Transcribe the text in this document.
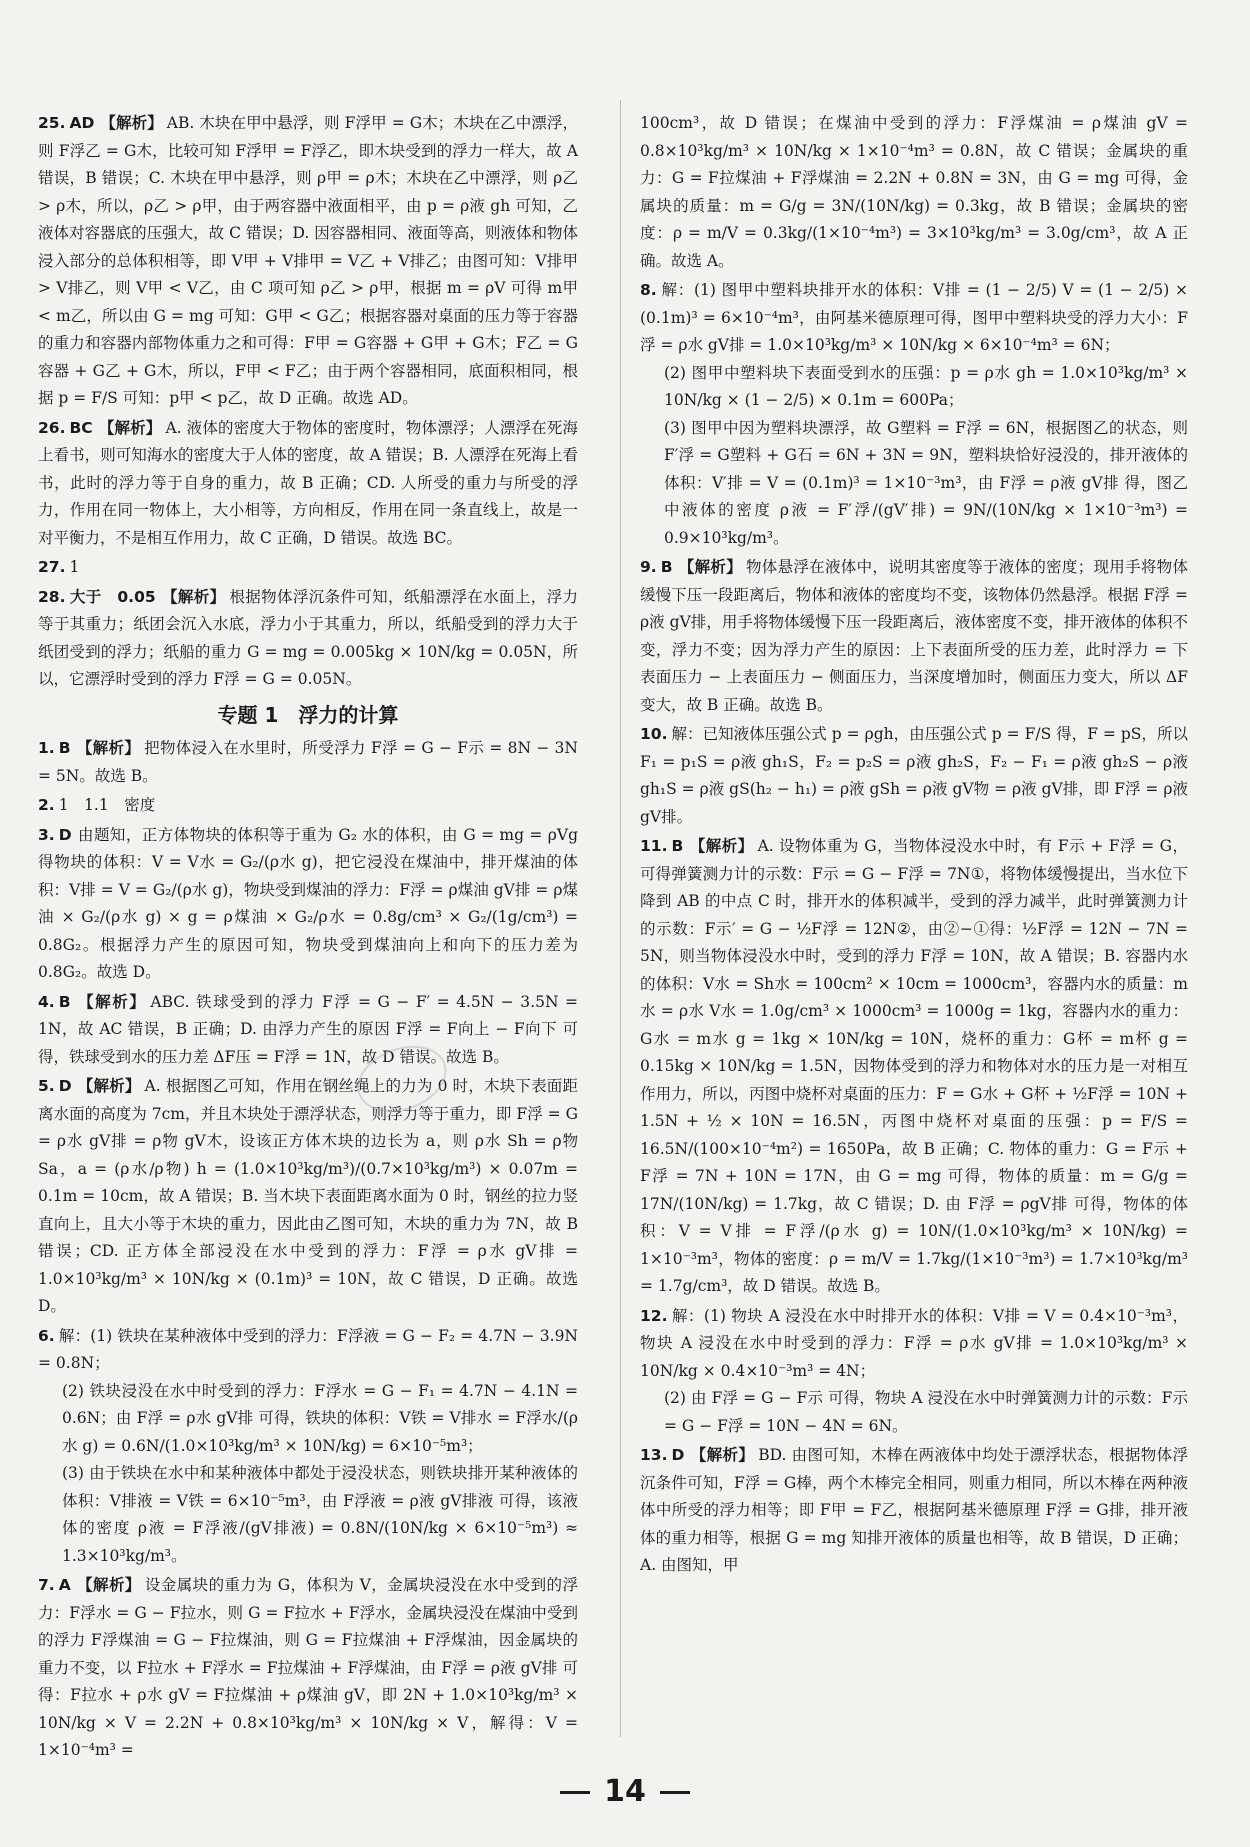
25. AD 【解析】 AB. 木块在甲中悬浮，则 F浮甲 = G木；木块在乙中漂浮，则 F浮乙 = G木，比较可知 F浮甲 = F浮乙，即木块受到的浮力一样大，故 A 错误，B 错误；C. 木块在甲中悬浮，则 ρ甲 = ρ木；木块在乙中漂浮，则 ρ乙 > ρ木，所以，ρ乙 > ρ甲，由于两容器中液面相平，由 p = ρ液 gh 可知，乙液体对容器底的压强大，故 C 错误；D. 因容器相同、液面等高，则液体和物体浸入部分的总体积相等，即 V甲 + V排甲 = V乙 + V排乙；由图可知：V排甲 > V排乙，则 V甲 < V乙，由 C 项可知 ρ乙 > ρ甲，根据 m = ρV 可得 m甲 < m乙，所以由 G = mg 可知：G甲 < G乙；根据容器对桌面的压力等于容器的重力和容器内部物体重力之和可得：F甲 = G容器 + G甲 + G木；F乙 = G容器 + G乙 + G木，所以，F甲 < F乙；由于两个容器相同，底面积相同，根据 p = F/S 可知：p甲 < p乙，故 D 正确。故选 AD。
26. BC 【解析】 A. 液体的密度大于物体的密度时，物体漂浮；人漂浮在死海上看书，则可知海水的密度大于人体的密度，故 A 错误；B. 人漂浮在死海上看书，此时的浮力等于自身的重力，故 B 正确；CD. 人所受的重力与所受的浮力，作用在同一物体上，大小相等，方向相反，作用在同一条直线上，故是一对平衡力，不是相互作用力，故 C 正确，D 错误。故选 BC。
27. 1
28. 大于　0.05 【解析】 根据物体浮沉条件可知，纸船漂浮在水面上，浮力等于其重力；纸团会沉入水底，浮力小于其重力，所以，纸船受到的浮力大于纸团受到的浮力；纸船的重力 G = mg = 0.005kg × 10N/kg = 0.05N，所以，它漂浮时受到的浮力 F浮 = G = 0.05N。
专题 1　浮力的计算
1. B 【解析】 把物体浸入在水里时，所受浮力 F浮 = G − F示 = 8N − 3N = 5N。故选 B。
2. 1　1.1　密度
3. D 由题知，正方体物块的体积等于重为 G₂ 水的体积，由 G = mg = ρVg 得物块的体积：V = V水 = G₂/(ρ水 g)，把它浸没在煤油中，排开煤油的体积：V排 = V = G₂/(ρ水 g)，物块受到煤油的浮力：F浮 = ρ煤油 gV排 = ρ煤油 × G₂/(ρ水 g) × g = ρ煤油 × G₂/ρ水 = 0.8g/cm³ × G₂/(1g/cm³) = 0.8G₂。根据浮力产生的原因可知，物块受到煤油向上和向下的压力差为 0.8G₂。故选 D。
4. B 【解析】 ABC. 铁球受到的浮力 F浮 = G − F′ = 4.5N − 3.5N = 1N，故 AC 错误，B 正确；D. 由浮力产生的原因 F浮 = F向上 − F向下 可得，铁球受到水的压力差 ΔF压 = F浮 = 1N，故 D 错误。故选 B。
5. D 【解析】 A. 根据图乙可知，作用在钢丝绳上的力为 0 时，木块下表面距离水面的高度为 7cm，并且木块处于漂浮状态，则浮力等于重力，即 F浮 = G = ρ水 gV排 = ρ物 gV木，设该正方体木块的边长为 a，则 ρ水 Sh = ρ物 Sa，a = (ρ水/ρ物) h = (1.0×10³kg/m³)/(0.7×10³kg/m³) × 0.07m = 0.1m = 10cm，故 A 错误；B. 当木块下表面距离水面为 0 时，钢丝的拉力竖直向上，且大小等于木块的重力，因此由乙图可知，木块的重力为 7N，故 B 错误；CD. 正方体全部浸没在水中受到的浮力：F浮 = ρ水 gV排 = 1.0×10³kg/m³ × 10N/kg × (0.1m)³ = 10N，故 C 错误，D 正确。故选 D。
6. 解：(1) 铁块在某种液体中受到的浮力：F浮液 = G − F₂ = 4.7N − 3.9N = 0.8N；
(2) 铁块浸没在水中时受到的浮力：F浮水 = G − F₁ = 4.7N − 4.1N = 0.6N；由 F浮 = ρ水 gV排 可得，铁块的体积：V铁 = V排水 = F浮水/(ρ水 g) = 0.6N/(1.0×10³kg/m³ × 10N/kg) = 6×10⁻⁵m³；
(3) 由于铁块在水中和某种液体中都处于浸没状态，则铁块排开某种液体的体积：V排液 = V铁 = 6×10⁻⁵m³，由 F浮液 = ρ液 gV排液 可得，该液体的密度 ρ液 = F浮液/(gV排液) = 0.8N/(10N/kg × 6×10⁻⁵m³) ≈ 1.3×10³kg/m³。
7. A 【解析】 设金属块的重力为 G，体积为 V，金属块浸没在水中受到的浮力：F浮水 = G − F拉水，则 G = F拉水 + F浮水，金属块浸没在煤油中受到的浮力 F浮煤油 = G − F拉煤油，则 G = F拉煤油 + F浮煤油，因金属块的重力不变，以 F拉水 + F浮水 = F拉煤油 + F浮煤油，由 F浮 = ρ液 gV排 可得：F拉水 + ρ水 gV = F拉煤油 + ρ煤油 gV，即 2N + 1.0×10³kg/m³ × 10N/kg × V = 2.2N + 0.8×10³kg/m³ × 10N/kg × V，解得：V = 1×10⁻⁴m³ =
100cm³，故 D 错误；在煤油中受到的浮力：F浮煤油 = ρ煤油 gV = 0.8×10³kg/m³ × 10N/kg × 1×10⁻⁴m³ = 0.8N，故 C 错误；金属块的重力：G = F拉煤油 + F浮煤油 = 2.2N + 0.8N = 3N，由 G = mg 可得，金属块的质量：m = G/g = 3N/(10N/kg) = 0.3kg，故 B 错误；金属块的密度：ρ = m/V = 0.3kg/(1×10⁻⁴m³) = 3×10³kg/m³ = 3.0g/cm³，故 A 正确。故选 A。
8. 解：(1) 图甲中塑料块排开水的体积：V排 = (1 − 2/5) V = (1 − 2/5) × (0.1m)³ = 6×10⁻⁴m³，由阿基米德原理可得，图甲中塑料块受的浮力大小：F浮 = ρ水 gV排 = 1.0×10³kg/m³ × 10N/kg × 6×10⁻⁴m³ = 6N；
(2) 图甲中塑料块下表面受到水的压强：p = ρ水 gh = 1.0×10³kg/m³ × 10N/kg × (1 − 2/5) × 0.1m = 600Pa；
(3) 图甲中因为塑料块漂浮，故 G塑料 = F浮 = 6N，根据图乙的状态，则 F′浮 = G塑料 + G石 = 6N + 3N = 9N，塑料块恰好浸没的，排开液体的体积：V′排 = V = (0.1m)³ = 1×10⁻³m³，由 F浮 = ρ液 gV排 得，图乙中液体的密度 ρ液 = F′浮/(gV′排) = 9N/(10N/kg × 1×10⁻³m³) = 0.9×10³kg/m³。
9. B 【解析】 物体悬浮在液体中，说明其密度等于液体的密度；现用手将物体缓慢下压一段距离后，物体和液体的密度均不变，该物体仍然悬浮。根据 F浮 = ρ液 gV排，用手将物体缓慢下压一段距离后，液体密度不变，排开液体的体积不变，浮力不变；因为浮力产生的原因：上下表面所受的压力差，此时浮力 = 下表面压力 − 上表面压力 − 侧面压力，当深度增加时，侧面压力变大，所以 ΔF 变大，故 B 正确。故选 B。
10. 解：已知液体压强公式 p = ρgh，由压强公式 p = F/S 得，F = pS，所以 F₁ = p₁S = ρ液 gh₁S，F₂ = p₂S = ρ液 gh₂S，F₂ − F₁ = ρ液 gh₂S − ρ液 gh₁S = ρ液 gS(h₂ − h₁) = ρ液 gSh = ρ液 gV物 = ρ液 gV排，即 F浮 = ρ液 gV排。
11. B 【解析】 A. 设物体重为 G，当物体浸没水中时，有 F示 + F浮 = G，可得弹簧测力计的示数：F示 = G − F浮 = 7N①，将物体缓慢提出，当水位下降到 AB 的中点 C 时，排开水的体积减半，受到的浮力减半，此时弹簧测力计的示数：F示′ = G − ½F浮 = 12N②，由②−①得：½F浮 = 12N − 7N = 5N，则当物体浸没水中时，受到的浮力 F浮 = 10N，故 A 错误；B. 容器内水的体积：V水 = Sh水 = 100cm² × 10cm = 1000cm³，容器内水的质量：m水 = ρ水 V水 = 1.0g/cm³ × 1000cm³ = 1000g = 1kg，容器内水的重力：G水 = m水 g = 1kg × 10N/kg = 10N，烧杯的重力：G杯 = m杯 g = 0.15kg × 10N/kg = 1.5N，因物体受到的浮力和物体对水的压力是一对相互作用力，所以，丙图中烧杯对桌面的压力：F = G水 + G杯 + ½F浮 = 10N + 1.5N + ½ × 10N = 16.5N，丙图中烧杯对桌面的压强：p = F/S = 16.5N/(100×10⁻⁴m²) = 1650Pa，故 B 正确；C. 物体的重力：G = F示 + F浮 = 7N + 10N = 17N，由 G = mg 可得，物体的质量：m = G/g = 17N/(10N/kg) = 1.7kg，故 C 错误；D. 由 F浮 = ρgV排 可得，物体的体积：V = V排 = F浮/(ρ水 g) = 10N/(1.0×10³kg/m³ × 10N/kg) = 1×10⁻³m³，物体的密度：ρ = m/V = 1.7kg/(1×10⁻³m³) = 1.7×10³kg/m³ = 1.7g/cm³，故 D 错误。故选 B。
12. 解：(1) 物块 A 浸没在水中时排开水的体积：V排 = V = 0.4×10⁻³m³，物块 A 浸没在水中时受到的浮力：F浮 = ρ水 gV排 = 1.0×10³kg/m³ × 10N/kg × 0.4×10⁻³m³ = 4N；
(2) 由 F浮 = G − F示 可得，物块 A 浸没在水中时弹簧测力计的示数：F示 = G − F浮 = 10N − 4N = 6N。
13. D 【解析】 BD. 由图可知，木棒在两液体中均处于漂浮状态，根据物体浮沉条件可知，F浮 = G棒，两个木棒完全相同，则重力相同，所以木棒在两种液体中所受的浮力相等；即 F甲 = F乙，根据阿基米德原理 F浮 = G排，排开液体的重力相等，根据 G = mg 知排开液体的质量也相等，故 B 错误，D 正确；A. 由图知，甲
14
